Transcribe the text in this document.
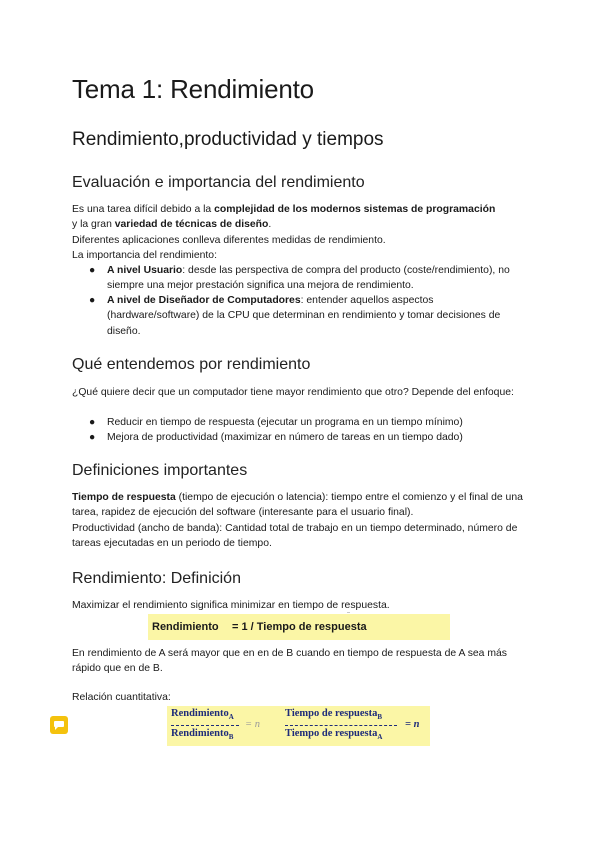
Tema 1: Rendimiento
Rendimiento,productividad y tiempos
Evaluación e importancia del rendimiento
Es una tarea difícil debido a la complejidad de los modernos sistemas de programación
y la gran variedad de técnicas de diseño.
Diferentes aplicaciones conlleva diferentes medidas de rendimiento.
La importancia del rendimiento:
●	A nivel Usuario: desde las perspectiva de compra del producto (coste/rendimiento), no siempre una mejor prestación significa una mejora de rendimiento.
●	A nivel de Diseñador de Computadores: entender aquellos aspectos (hardware/software) de la CPU que determinan en rendimiento y tomar decisiones de diseño.
Qué entendemos por rendimiento
¿Qué quiere decir que un computador tiene mayor rendimiento que otro? Depende del enfoque:
●	Reducir en tiempo de respuesta (ejecutar un programa en un tiempo mínimo)
●	Mejora de productividad (maximizar en número de tareas en un tiempo dado)
Definiciones importantes
Tiempo de respuesta (tiempo de ejecución o latencia): tiempo entre el comienzo y el final de una tarea, rapidez de ejecución del software (interesante para el usuario final).
Productividad (ancho de banda): Cantidad total de trabajo en un tiempo determinado, número de tareas ejecutadas en un periodo de tiempo.
Rendimiento: Definición
Maximizar el rendimiento significa minimizar en tiempo de respuesta.
Rendimiento = 1 / Tiempo de respuesta
En rendimiento de A será mayor que en en de B cuando en tiempo de respuesta de A sea más rápido que en de B.
Relación cuantitativa:
Rendimiento$_A$
Rendimiento$_B$
= n
Tiempo de respuesta$_B$
Tiempo de respuesta$_A$
= n
